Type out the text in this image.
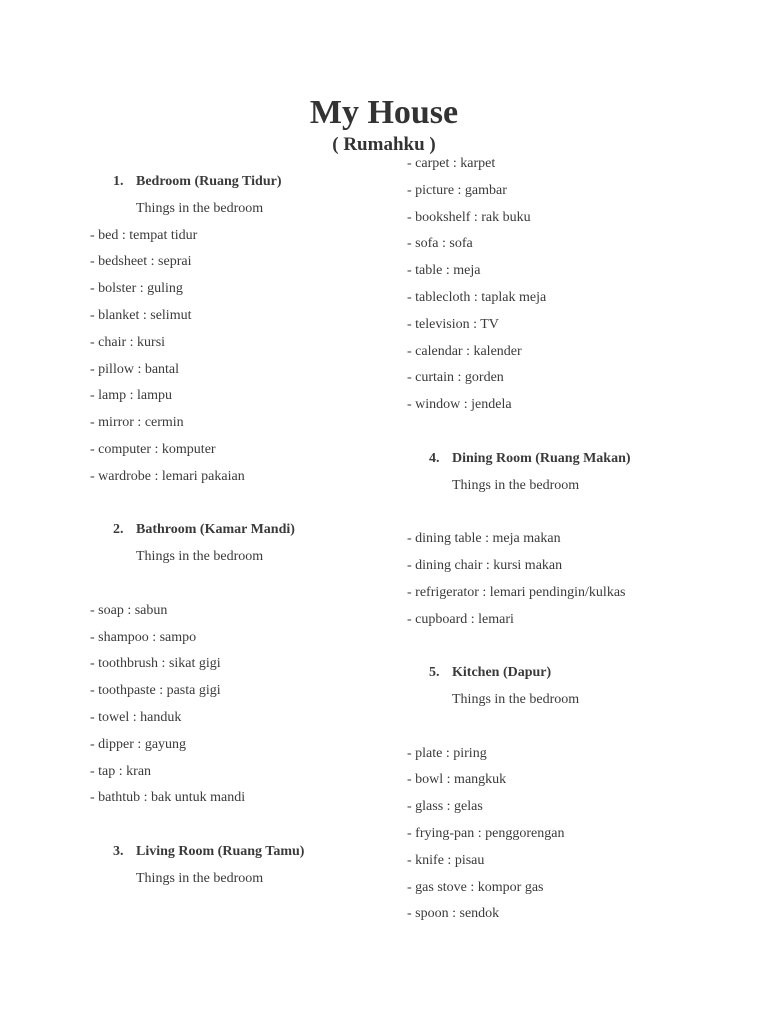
My House
( Rumahku )
1. Bedroom (Ruang Tidur)
Things in the bedroom
- bed : tempat tidur
- bedsheet : seprai
- bolster : guling
- blanket : selimut
- chair : kursi
- pillow : bantal
- lamp : lampu
- mirror : cermin
- computer : komputer
- wardrobe : lemari pakaian
2. Bathroom (Kamar Mandi)
Things in the bedroom
- soap : sabun
- shampoo : sampo
- toothbrush : sikat gigi
- toothpaste : pasta gigi
- towel : handuk
- dipper : gayung
- tap : kran
- bathtub : bak untuk mandi
3. Living Room (Ruang Tamu)
Things in the bedroom
- carpet : karpet
- picture : gambar
- bookshelf : rak buku
- sofa : sofa
- table : meja
- tablecloth : taplak meja
- television : TV
- calendar : kalender
- curtain : gorden
- window : jendela
4. Dining Room (Ruang Makan)
Things in the bedroom
- dining table : meja makan
- dining chair : kursi makan
- refrigerator : lemari pendingin/kulkas
- cupboard : lemari
5. Kitchen (Dapur)
Things in the bedroom
- plate : piring
- bowl : mangkuk
- glass : gelas
- frying-pan : penggorengan
- knife : pisau
- gas stove : kompor gas
- spoon : sendok
